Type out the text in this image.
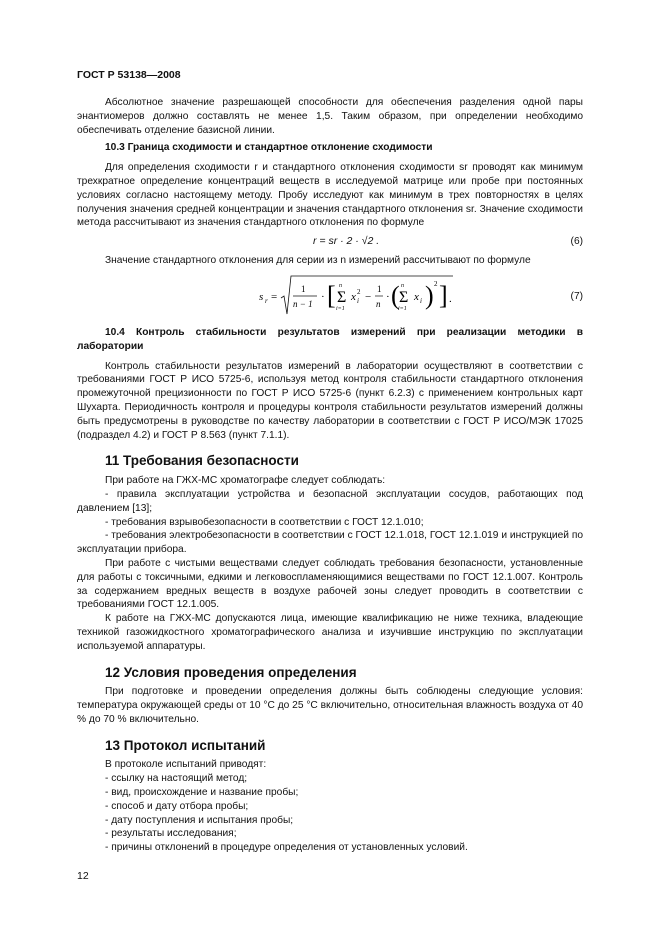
ГОСТ Р 53138—2008

Абсолютное значение разрешающей способности для обеспечения разделения одной пары энантиомеров должно составлять не менее 1,5. Таким образом, при определении необходимо обеспечивать отделение базисной линии.

10.3 Граница сходимости и стандартное отклонение сходимости

Для определения сходимости r и стандартного отклонения сходимости sr проводят как минимум трехкратное определение концентраций веществ в исследуемой матрице или пробе при постоянных условиях согласно настоящему методу. Пробу исследуют как минимум в трех повторностях в целях получения значения средней концентрации и значения стандартного отклонения sr. Значение сходимости метода рассчитывают из значения стандартного отклонения по формуле

r = sr · 2 · √2 .	(6)

Значение стандартного отклонения для серии из n измерений рассчитывают по формуле

s r =
1
n − 1
· [ Σ
n
i=1
x i
2 −
1
n
· ( Σ
n
i=1
x i ) 2 ] .	(7)

10.4 Контроль стабильности результатов измерений при реализации методики в лаборатории

Контроль стабильности результатов измерений в лаборатории осуществляют в соответствии с требованиями ГОСТ Р ИСО 5725-6, используя метод контроля стабильности стандартного отклонения промежуточной прецизионности по ГОСТ Р ИСО 5725-6 (пункт 6.2.3) с применением контрольных карт Шухарта. Периодичность контроля и процедуры контроля стабильности результатов измерений должны быть предусмотрены в руководстве по качеству лаборатории в соответствии с ГОСТ Р ИСО/МЭК 17025 (подраздел 4.2) и ГОСТ Р 8.563 (пункт 7.1.1).

11 Требования безопасности

При работе на ГЖХ-МС хроматографе следует соблюдать:

- правила эксплуатации устройства и безопасной эксплуатации сосудов, работающих под давлением [13];

- требования взрывобезопасности в соответствии с ГОСТ 12.1.010;

- требования электробезопасности в соответствии с ГОСТ 12.1.018, ГОСТ 12.1.019 и инструкцией по эксплуатации прибора.

При работе с чистыми веществами следует соблюдать требования безопасности, установленные для работы с токсичными, едкими и легковоспламеняющимися веществами по ГОСТ 12.1.007. Контроль за содержанием вредных веществ в воздухе рабочей зоны следует проводить в соответствии с требованиями ГОСТ 12.1.005.

К работе на ГЖХ-МС допускаются лица, имеющие квалификацию не ниже техника, владеющие техникой газожидкостного хроматографического анализа и изучившие инструкцию по эксплуатации используемой аппаратуры.

12 Условия проведения определения

При подготовке и проведении определения должны быть соблюдены следующие условия: температура окружающей среды от 10 °С до 25 °С включительно, относительная влажность воздуха от 40 % до 70 % включительно.

13 Протокол испытаний

В протоколе испытаний приводят:

- ссылку на настоящий метод;

- вид, происхождение и название пробы;

- способ и дату отбора пробы;

- дату поступления и испытания пробы;

- результаты исследования;

- причины отклонений в процедуре определения от установленных условий.

12
